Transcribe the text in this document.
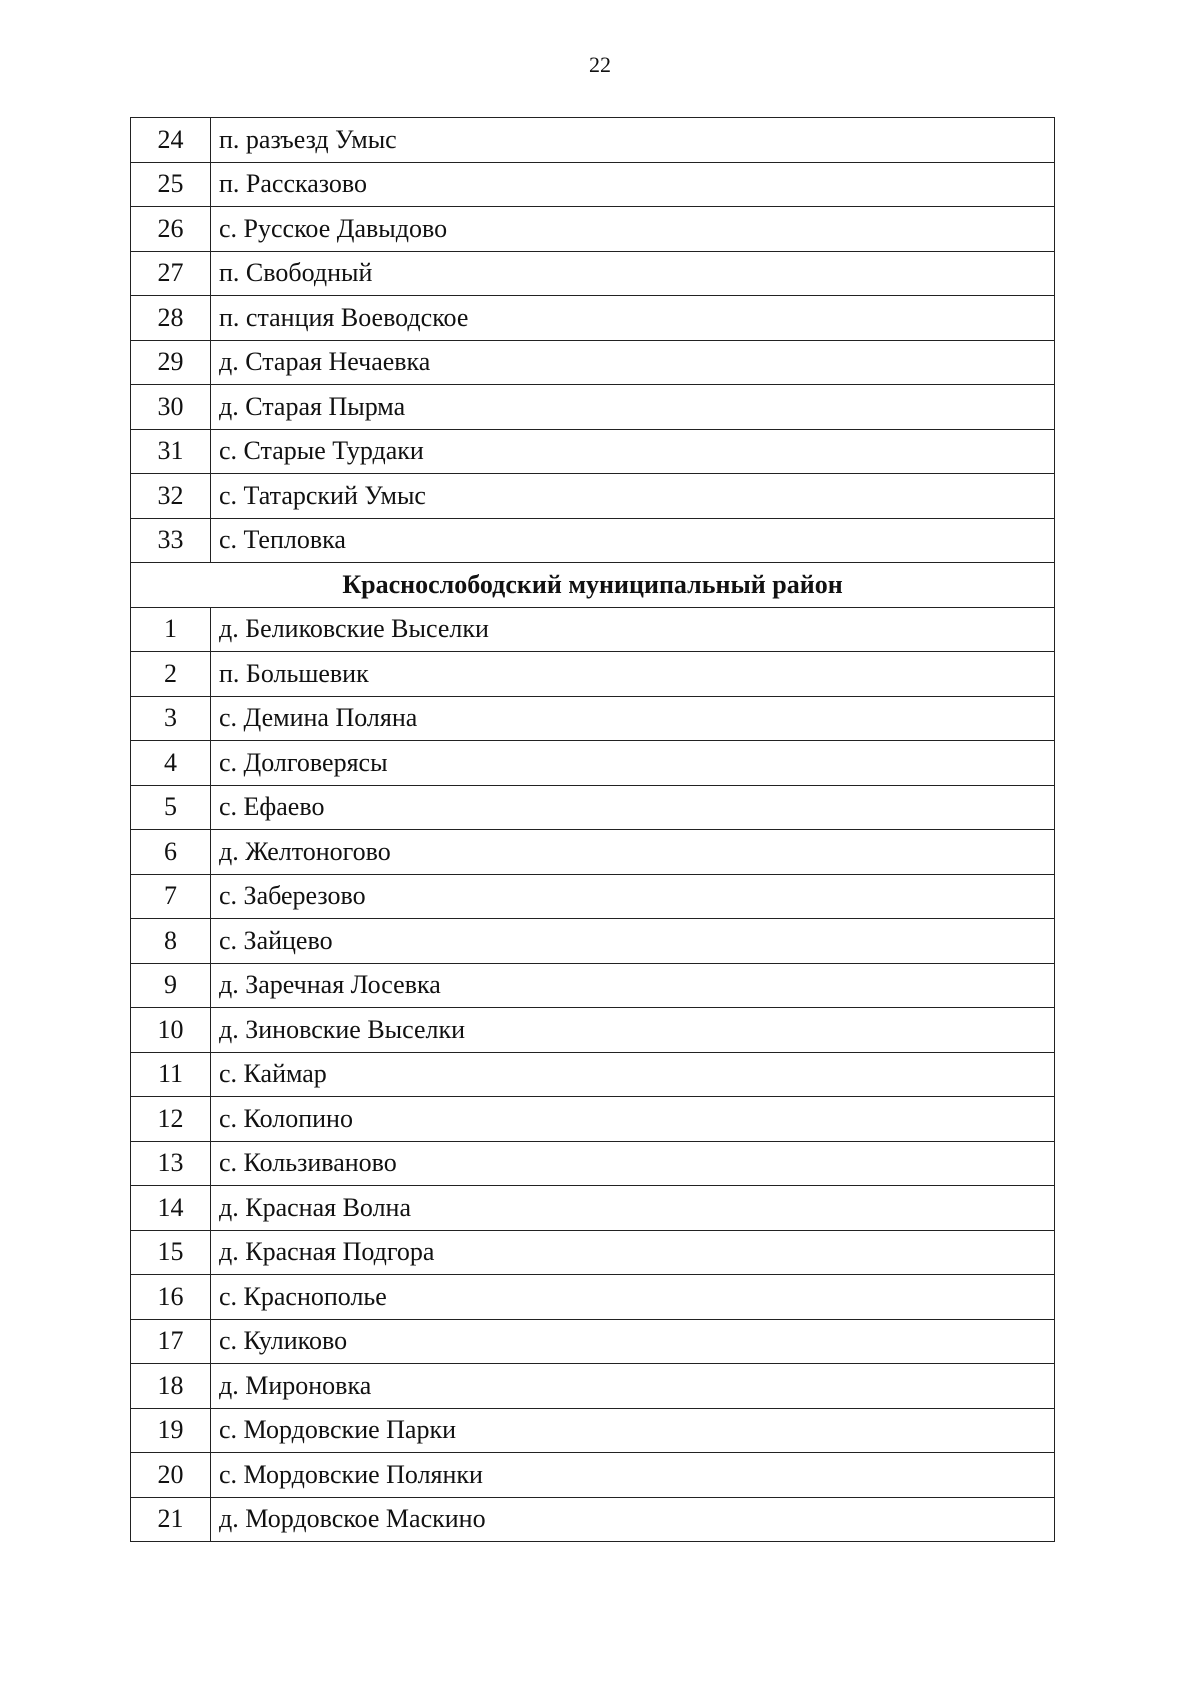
22
24	п. разъезд Умыс
25	п. Рассказово
26	с. Русское Давыдово
27	п. Свободный
28	п. станция Воеводское
29	д. Старая Нечаевка
30	д. Старая Пырма
31	с. Старые Турдаки
32	с. Татарский Умыс
33	с. Тепловка
Краснослободский муниципальный район	
1	д. Беликовские Выселки
2	п. Большевик
3	с. Демина Поляна
4	с. Долговерясы
5	с. Ефаево
6	д. Желтоногово
7	с. Заберезово
8	с. Зайцево
9	д. Заречная Лосевка
10	д. Зиновские Выселки
11	с. Каймар
12	с. Колопино
13	с. Кользиваново
14	д. Красная Волна
15	д. Красная Подгора
16	с. Краснополье
17	с. Куликово
18	д. Мироновка
19	с. Мордовские Парки
20	с. Мордовские Полянки
21	д. Мордовское Маскино
